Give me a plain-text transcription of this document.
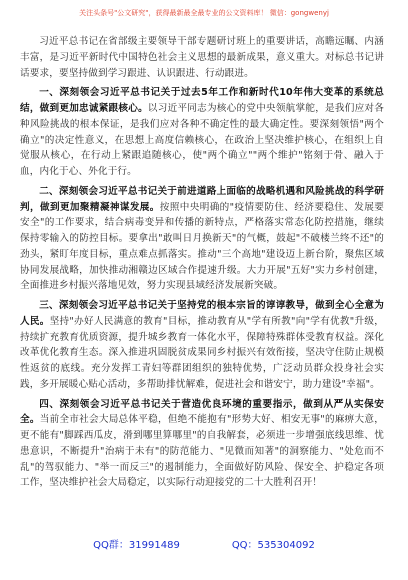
关注头条号"公文研究"，获得最新最全最专业的公文资料库！ 微信：gongwenyj

习近平总书记在省部级主要领导干部专题研讨班上的重要讲话，高瞻远瞩、内涵丰富，是习近平新时代中国特色社会主义思想的最新成果，意义重大。对标总书记讲话要求，要坚持做到学习跟进、认识跟进、行动跟进。

一、深刻领会习近平总书记关于过去5年工作和新时代10年伟大变革的系统总结，做到更加忠诚紧跟核心。以习近平同志为核心的党中央领航掌舵，是我们应对各种风险挑战的根本保证，是我们应对各种不确定性的最大确定性。要深刻领悟"两个确立"的决定性意义，在思想上高度信赖核心，在政治上坚决维护核心，在组织上自觉服从核心，在行动上紧跟追随核心，使"两个确立""两个维护"铭刻于骨、融入于血，内化于心、外化于行。

二、深刻领会习近平总书记关于前进道路上面临的战略机遇和风险挑战的科学研判，做到更加聚精凝神谋发展。按照中央明确的"疫情要防住、经济要稳住、发展要安全"的工作要求，结合病毒变异和传播的新特点，严格落实常态化防控措施，继续保持零输入的防控目标。要拿出"敢叫日月换新天"的气概，鼓起"不破楼兰终不还"的劲头，紧盯年度目标，重点难点抓落实。推动"三个高地"建设迈上新台阶，聚焦区域协同发展战略，加快推动湘赣边区域合作提速升级。大力开展"五好"实力乡村创建，全面推进乡村振兴落地见效，努力实现县域经济发展新突破。

三、深刻领会习近平总书记关于坚持党的根本宗旨的谆谆教导，做到全心全意为人民。坚持"办好人民满意的教育"目标，推动教育从"学有所教"向"学有优教"升级，持续扩充教育优质资源，提升城乡教育一体化水平，保障特殊群体受教育权益。深化改革优化教育生态。深入推进巩固脱贫成果同乡村振兴有效衔接，坚决守住防止规模性返贫的底线。充分发挥工青妇等群团组织的独特优势，广泛动员群众投身社会实践，多开展暖心贴心活动，多帮助排忧解难，促进社会和谐安宁，助力建设"幸福"。

四、深刻领会习近平总书记关于营造优良环境的重要指示，做到从严从实保安全。当前全市社会大局总体平稳，但绝不能抱有"形势大好、相安无事"的麻痹大意，更不能有"脚踩西瓜皮，滑到哪里算哪里"的自我解套，必须进一步增强底线思维、忧患意识，不断提升"治病于未有"的防范能力、"见微而知著"的洞察能力、"处危而不乱"的驾驭能力、"举一而反三"的遏制能力，全面做好防风险、保安全、护稳定各项工作，坚决维护社会大局稳定，以实际行动迎接党的二十大胜利召开！

QQ群：31991489	QQ：535304092
